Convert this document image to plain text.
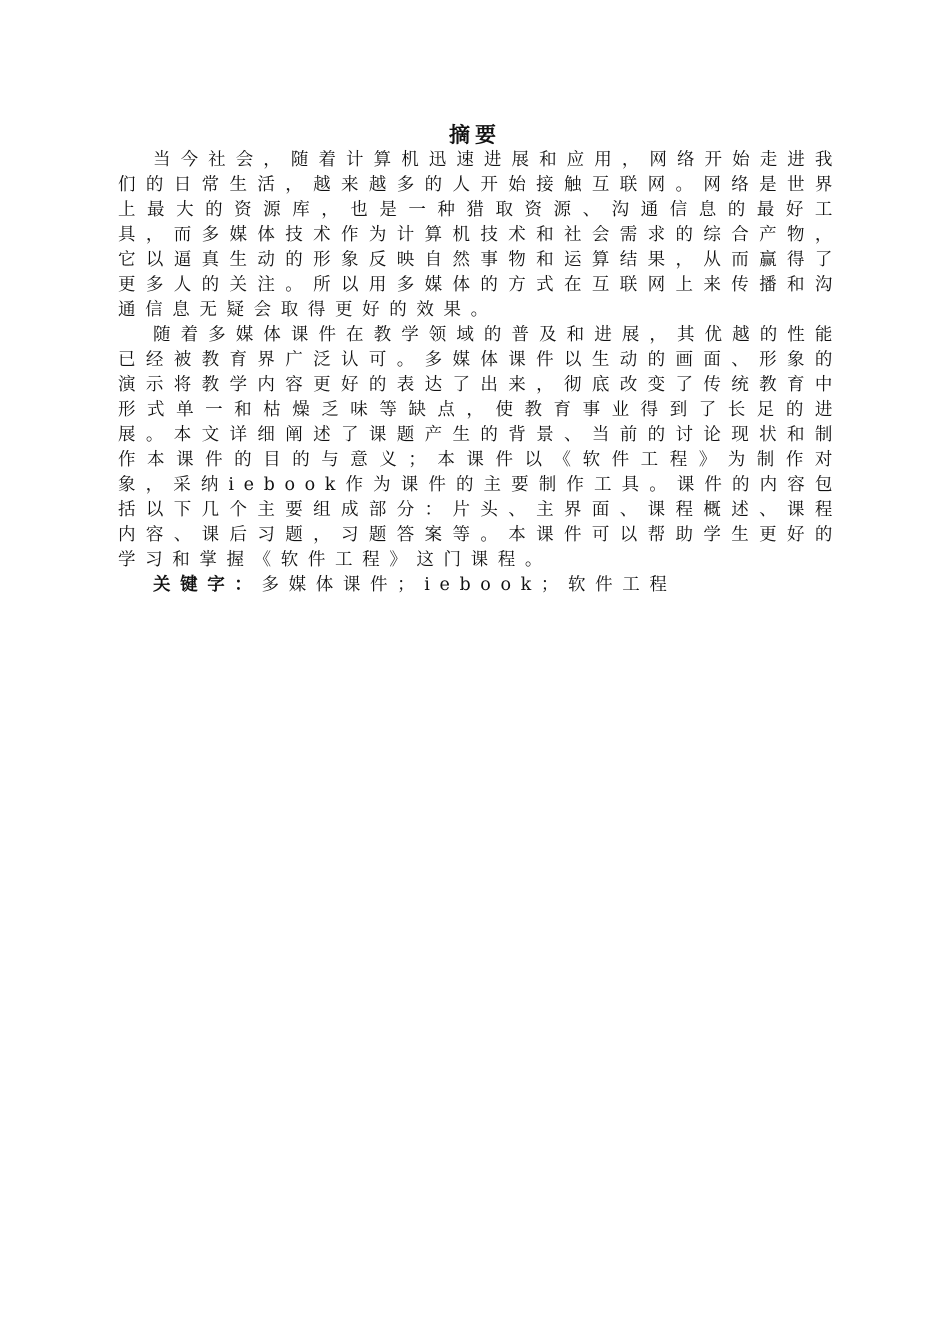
摘要

当今社会，随着计算机迅速进展和应用，网络开始走进我们的日常生活，越来越多的人开始接触互联网。网络是世界上最大的资源库，也是一种猎取资源、沟通信息的最好工具，而多媒体技术作为计算机技术和社会需求的综合产物，它以逼真生动的形象反映自然事物和运算结果，从而赢得了更多人的关注。所以用多媒体的方式在互联网上来传播和沟通信息无疑会取得更好的效果。

随着多媒体课件在教学领域的普及和进展，其优越的性能已经被教育界广泛认可。多媒体课件以生动的画面、形象的演示将教学内容更好的表达了出来，彻底改变了传统教育中形式单一和枯燥乏味等缺点，使教育事业得到了长足的进展。本文详细阐述了课题产生的背景、当前的讨论现状和制作本课件的目的与意义；本课件以《软件工程》为制作对象，采纳iebook作为课件的主要制作工具。课件的内容包括以下几个主要组成部分：片头、主界面、课程概述、课程内容、课后习题，习题答案等。本课件可以帮助学生更好的学习和掌握《软件工程》这门课程。

关键字：多媒体课件；iebook；软件工程
